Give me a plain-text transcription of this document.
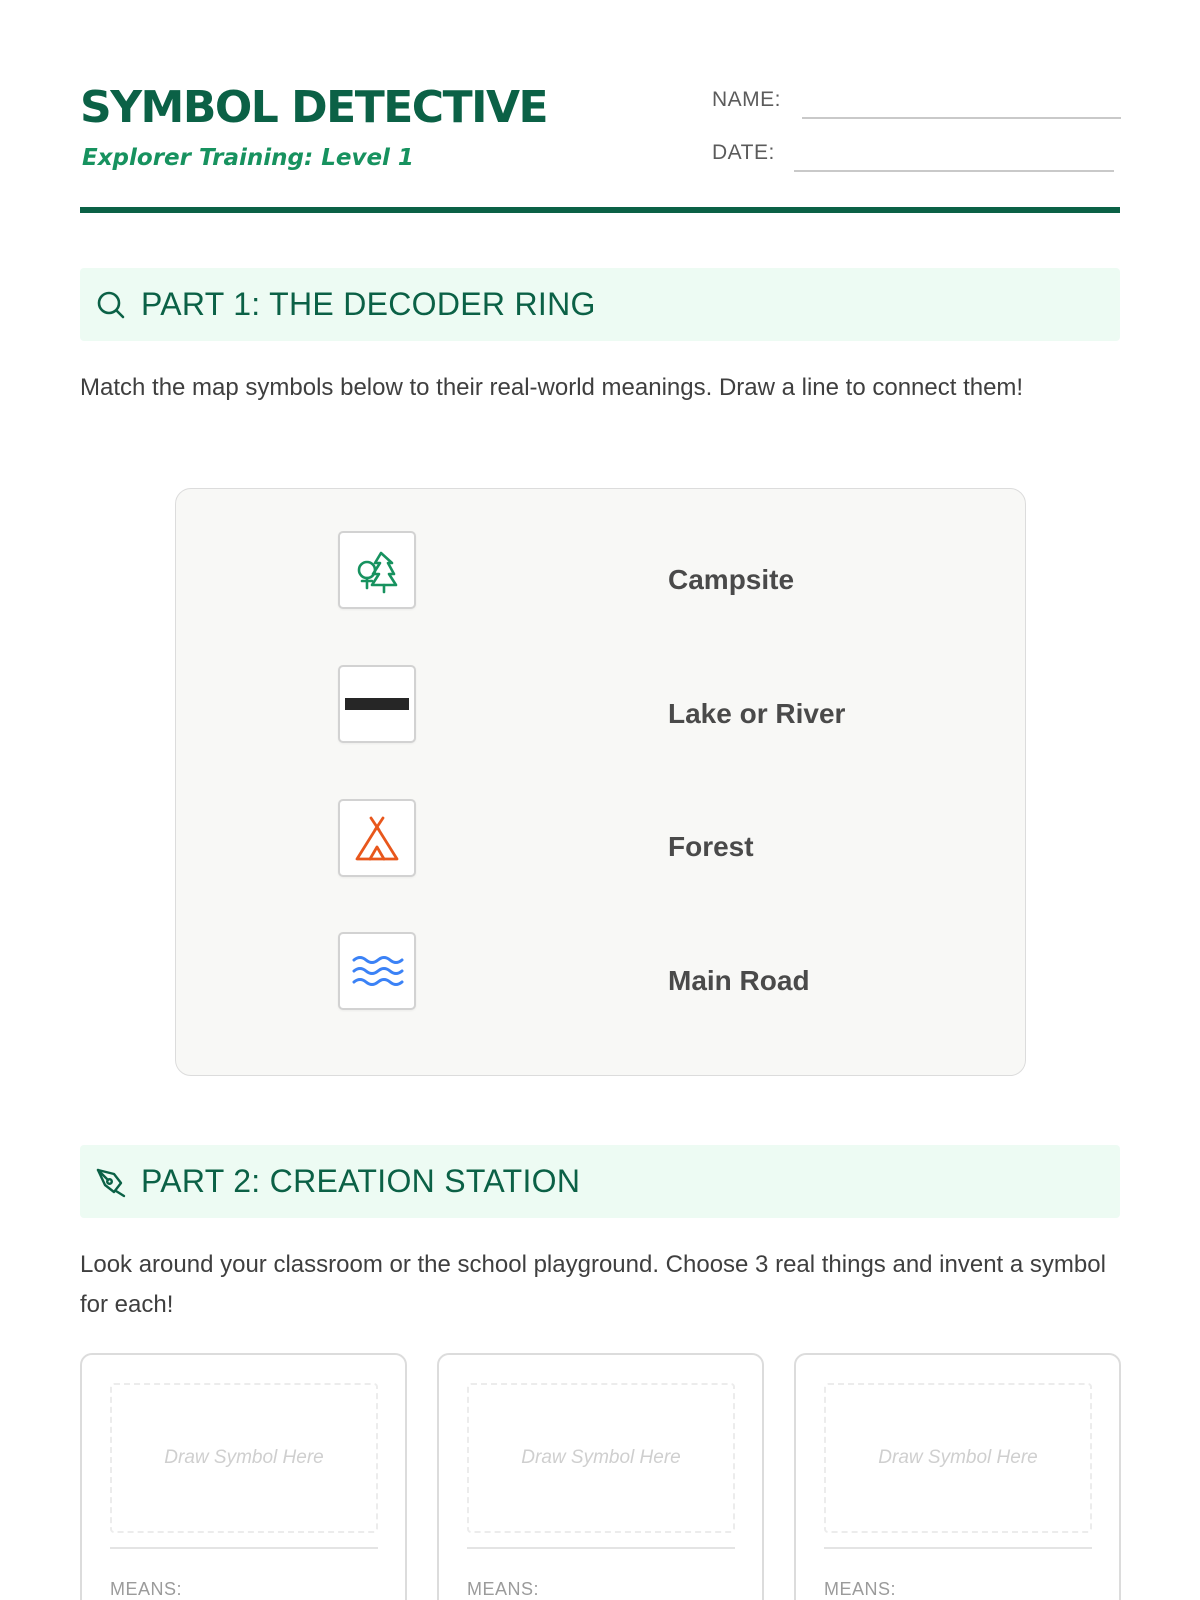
SYMBOL DETECTIVE
Explorer Training: Level 1
NAME:
DATE:
PART 1: THE DECODER RING
Match the map symbols below to their real-world meanings. Draw a line to connect them!
Campsite
Lake or River
Forest
Main Road
PART 2: CREATION STATION
Look around your classroom or the school playground. Choose 3 real things and invent a symbol for each!
Draw Symbol Here
MEANS:
Draw Symbol Here
MEANS:
Draw Symbol Here
MEANS:
